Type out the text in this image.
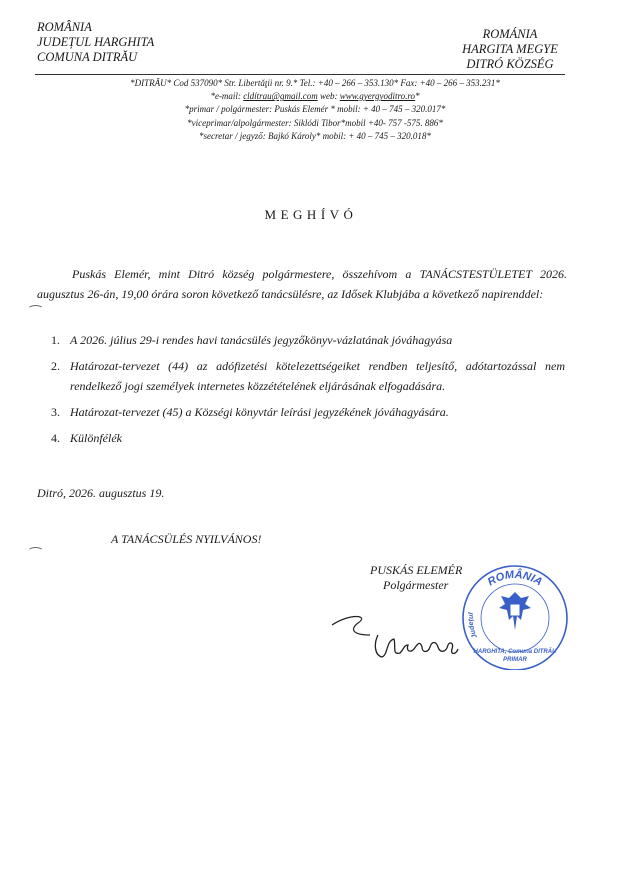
ROMÂNIA
JUDEȚUL HARGHITA
COMUNA DITRĂU
ROMÁNIA
HARGITA MEGYE
DITRÓ KÖZSÉG
*DITRĂU* Cod 537090* Str. Libertăţii nr. 9.* Tel.: +40 – 266 – 353.130* Fax: +40 – 266 – 353.231*
*e-mail: cldítrau@gmail.com web: www.gyergyoditro.ro*
*primar / polgármester: Puskás Elemér * mobil: + 40 – 745 – 320.017*
*viceprimar/alpolgármester: Siklódi Tibor*mobil +40- 757 -575. 886*
*secretar / jegyző: Bajkó Károly* mobil: + 40 – 745 – 320.018*
MEGHÍVÓ

Puskás Elemér, mint Ditró község polgármestere, összehívom a TANÁCSTESTÜLETET 2026. augusztus 26-án, 19,00 órára soron következő tanácsülésre, az Idősek Klubjába a következő napirenddel:

⁀
1. A 2026. július 29-i rendes havi tanácsülés jegyzőkönyv-vázlatának jóváhagyása
2. Határozat-tervezet (44) az adófizetési kötelezettségeiket rendben teljesítő, adótartozással nem rendelkező jogi személyek internetes közzétételének eljárásának elfogadására.
3. Határozat-tervezet (45) a Községi könyvtár leírási jegyzékének jóváhagyására.
4. Különfélék
Ditró, 2026. augusztus 19.
⁀
A TANÁCSÜLÉS NYILVÁNOS!
PUSKÁS ELEMÉR
Polgármester	ROMÂNIA
PRIMAR
HARGHITA, Comuna DITRĂU
Județul
